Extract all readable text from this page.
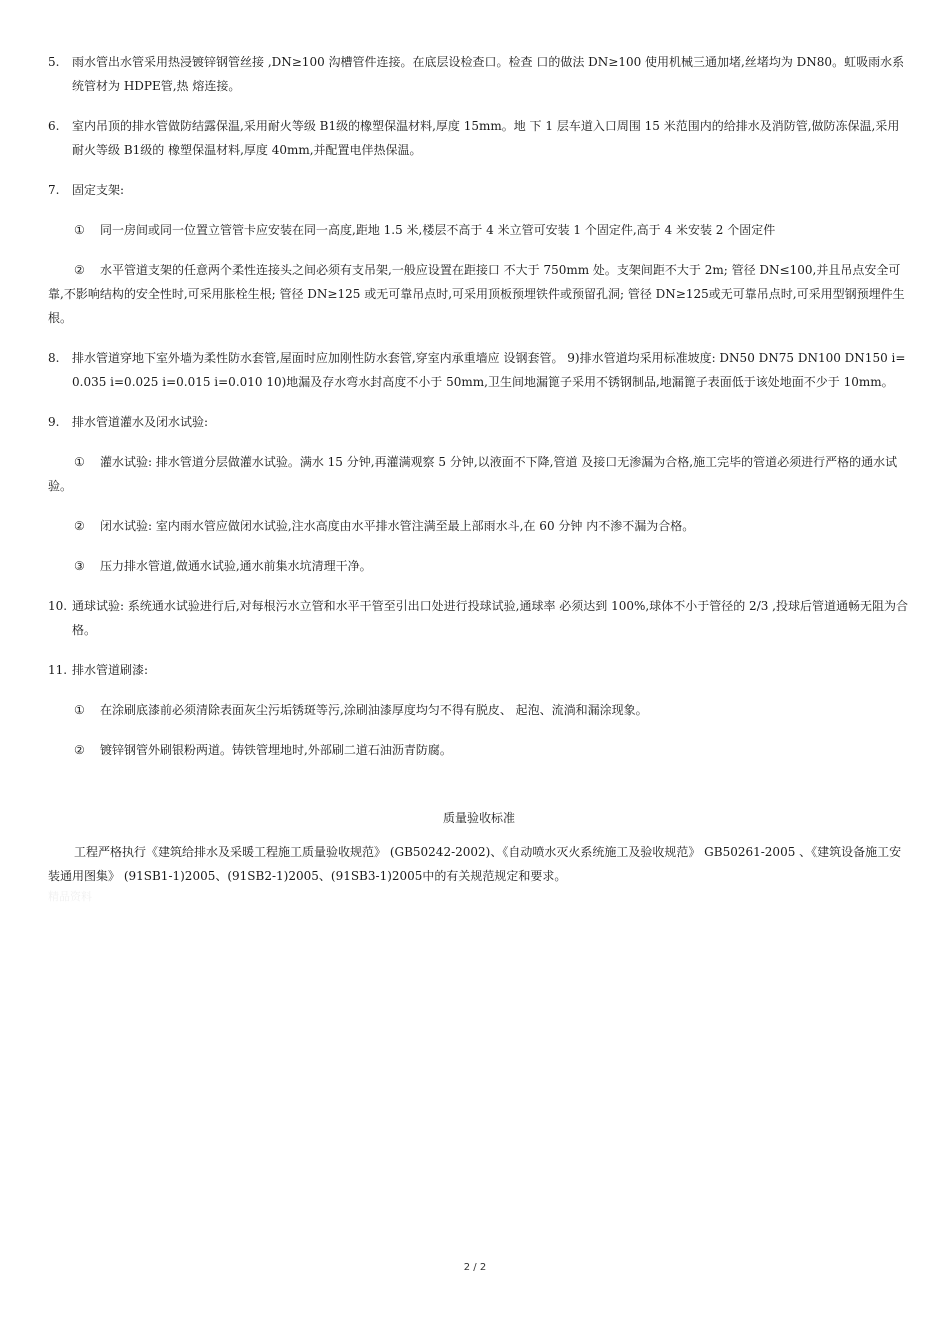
5. 雨水管出水管采用热浸镀锌钢管丝接 ,DN≥100 沟槽管件连接。在底层设检查口。检查 口的做法 DN≥100 使用机械三通加堵,丝堵均为 DN80。虹吸雨水系统管材为 HDPE管,热 熔连接。
6. 室内吊顶的排水管做防结露保温,采用耐火等级 B1级的橡塑保温材料,厚度 15mm。地 下 1 层车道入口周围 15 米范围内的给排水及消防管,做防冻保温,采用耐火等级 B1级的 橡塑保温材料,厚度 40mm,并配置电伴热保温。
7. 固定支架:
① 同一房间或同一位置立管管卡应安装在同一高度,距地 1.5 米,楼层不高于 4 米立管可安装 1 个固定件,高于 4 米安装 2 个固定件
② 水平管道支架的任意两个柔性连接头之间必须有支吊架,一般应设置在距接口 不大于 750mm 处。支架间距不大于 2m; 管径 DN≤100,并且吊点安全可靠,不影响结构的安全性时,可采用胀栓生根; 管径 DN≥125 或无可靠吊点时,可采用顶板预埋铁件或预留孔洞; 管径 DN≥125或无可靠吊点时,可采用型钢预埋件生根。
8. 排水管道穿地下室外墙为柔性防水套管,屋面时应加刚性防水套管,穿室内承重墙应 设钢套管。 9)排水管道均采用标准坡度: DN50 DN75 DN100 DN150 i=0.035 i=0.025 i=0.015 i=0.010 10)地漏及存水弯水封高度不小于 50mm,卫生间地漏篦子采用不锈钢制品,地漏篦子表面低于该处地面不少于 10mm。
9. 排水管道灌水及闭水试验:
① 灌水试验: 排水管道分层做灌水试验。满水 15 分钟,再灌满观察 5 分钟,以液面不下降,管道 及接口无渗漏为合格,施工完毕的管道必须进行严格的通水试验。
② 闭水试验: 室内雨水管应做闭水试验,注水高度由水平排水管注满至最上部雨水斗,在 60 分钟 内不渗不漏为合格。
③ 压力排水管道,做通水试验,通水前集水坑清理干净。
10. 通球试验: 系统通水试验进行后,对每根污水立管和水平干管至引出口处进行投球试验,通球率 必须达到 100%,球体不小于管径的 2/3 ,投球后管道通畅无阻为合格。
11. 排水管道刷漆:
① 在涂刷底漆前必须清除表面灰尘污垢锈斑等污,涂刷油漆厚度均匀不得有脱皮、 起泡、流淌和漏涂现象。
② 镀锌钢管外刷银粉两道。铸铁管埋地时,外部刷二道石油沥青防腐。
质量验收标准
工程严格执行《建筑给排水及采暖工程施工质量验收规范》 (GB50242-2002)、《自动喷水灭火系统施工及验收规范》 GB50261-2005 、《建筑设备施工安装通用图集》 (91SB1-1)2005、(91SB2-1)2005、(91SB3-1)2005中的有关规范规定和要求。
精品资料
2 / 2
